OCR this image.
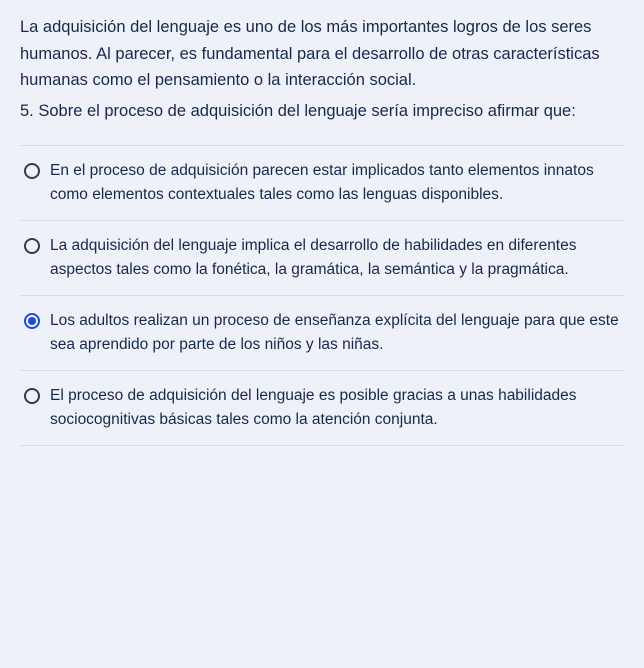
La adquisición del lenguaje es uno de los más importantes logros de los seres humanos. Al parecer, es fundamental para el desarrollo de otras características humanas como el pensamiento o la interacción social.

5. Sobre el proceso de adquisición del lenguaje sería impreciso afirmar que:

En el proceso de adquisición parecen estar implicados tanto elementos innatos como elementos contextuales tales como las lenguas disponibles.
La adquisición del lenguaje implica el desarrollo de habilidades en diferentes aspectos tales como la fonética, la gramática, la semántica y la pragmática.
Los adultos realizan un proceso de enseñanza explícita del lenguaje para que este sea aprendido por parte de los niños y las niñas.
El proceso de adquisición del lenguaje es posible gracias a unas habilidades sociocognitivas básicas tales como la atención conjunta.
